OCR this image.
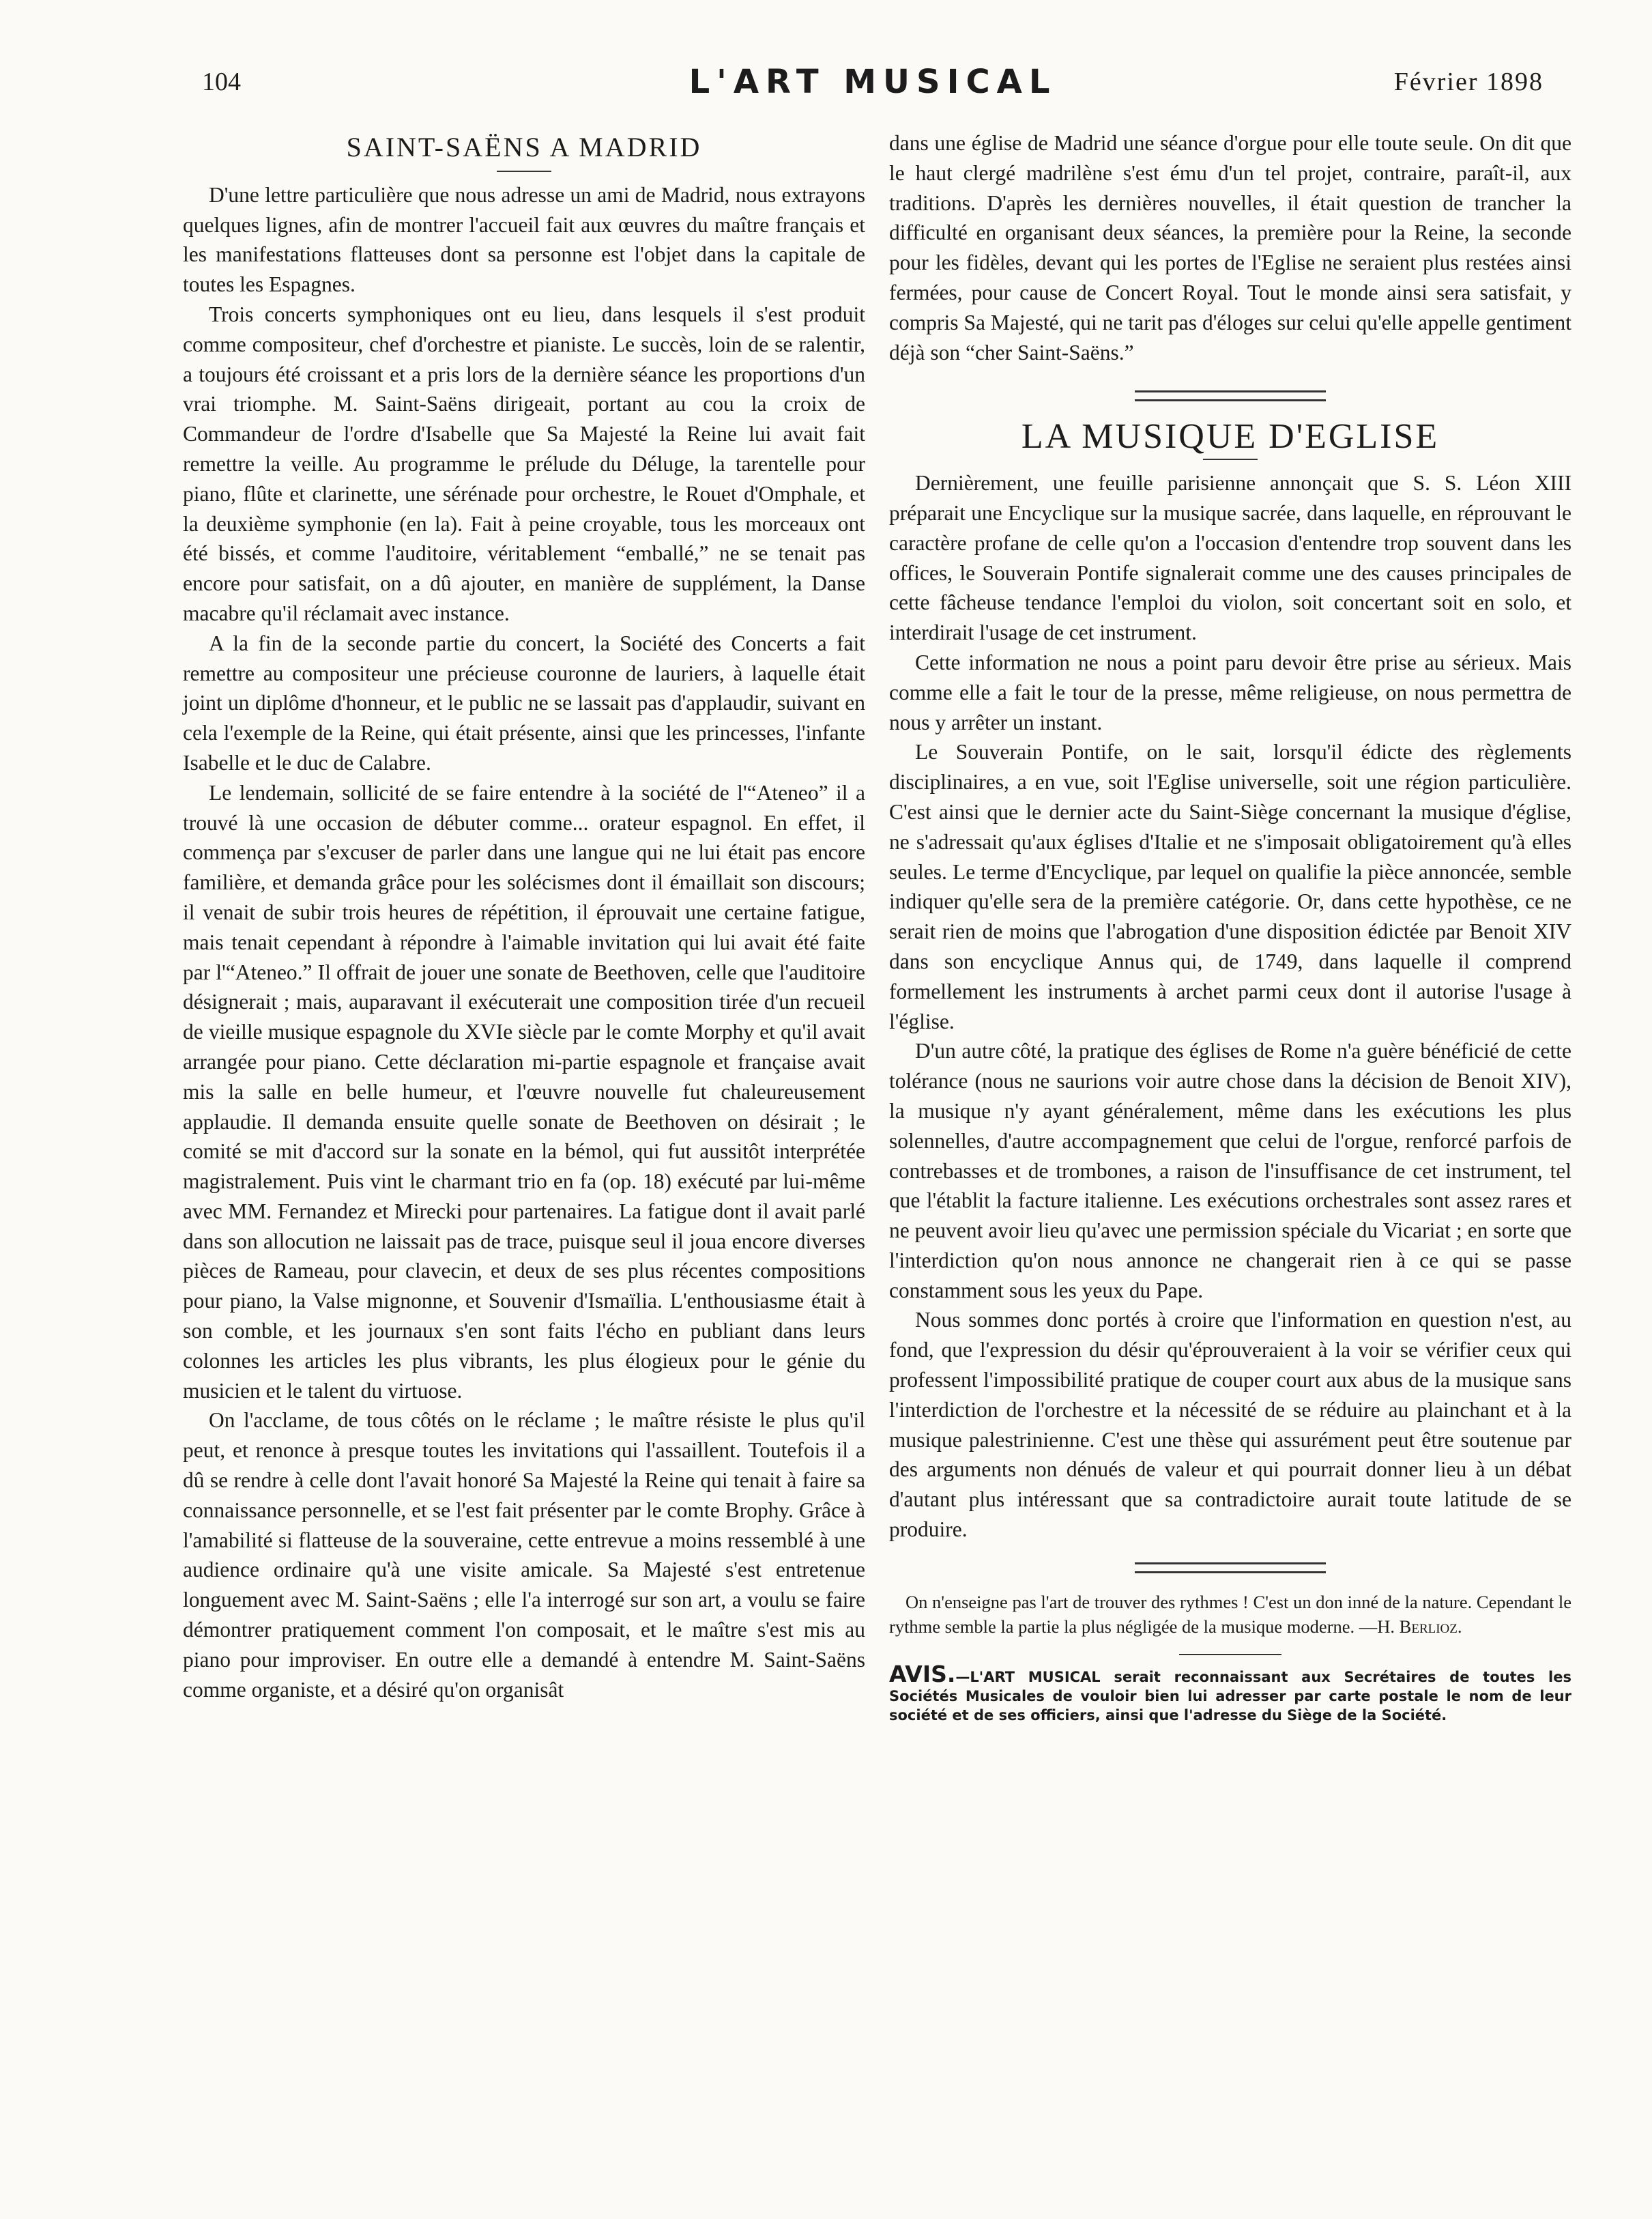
104	L'ART MUSICAL	Février 1898
SAINT-SAËNS A MADRID

D'une lettre particulière que nous adresse un ami de Madrid, nous extrayons quelques lignes, afin de montrer l'accueil fait aux œuvres du maître français et les manifestations flatteuses dont sa personne est l'objet dans la capitale de toutes les Espagnes.

Trois concerts symphoniques ont eu lieu, dans lesquels il s'est produit comme compositeur, chef d'orchestre et pianiste. Le succès, loin de se ralentir, a toujours été croissant et a pris lors de la dernière séance les proportions d'un vrai triomphe. M. Saint-Saëns dirigeait, portant au cou la croix de Commandeur de l'ordre d'Isabelle que Sa Majesté la Reine lui avait fait remettre la veille. Au programme le prélude du Déluge, la tarentelle pour piano, flûte et clarinette, une sérénade pour orchestre, le Rouet d'Omphale, et la deuxième symphonie (en la). Fait à peine croyable, tous les morceaux ont été bissés, et comme l'auditoire, véritablement “emballé,” ne se tenait pas encore pour satisfait, on a dû ajouter, en manière de supplément, la Danse macabre qu'il réclamait avec instance.

A la fin de la seconde partie du concert, la Société des Concerts a fait remettre au compositeur une précieuse couronne de lauriers, à laquelle était joint un diplôme d'honneur, et le public ne se lassait pas d'applaudir, suivant en cela l'exemple de la Reine, qui était présente, ainsi que les princesses, l'infante Isabelle et le duc de Calabre.

Le lendemain, sollicité de se faire entendre à la société de l'“Ateneo” il a trouvé là une occasion de débuter comme... orateur espagnol. En effet, il commença par s'excuser de parler dans une langue qui ne lui était pas encore familière, et demanda grâce pour les solécismes dont il émaillait son discours; il venait de subir trois heures de répétition, il éprouvait une certaine fatigue, mais tenait cependant à répondre à l'aimable invitation qui lui avait été faite par l'“Ateneo.” Il offrait de jouer une sonate de Beethoven, celle que l'auditoire désignerait ; mais, auparavant il exécuterait une composition tirée d'un recueil de vieille musique espagnole du XVIe siècle par le comte Morphy et qu'il avait arrangée pour piano. Cette déclaration mi-partie espagnole et française avait mis la salle en belle humeur, et l'œuvre nouvelle fut chaleureusement applaudie. Il demanda ensuite quelle sonate de Beethoven on désirait ; le comité se mit d'accord sur la sonate en la bémol, qui fut aussitôt interprétée magistralement. Puis vint le charmant trio en fa (op. 18) exécuté par lui-même avec MM. Fernandez et Mirecki pour partenaires. La fatigue dont il avait parlé dans son allocution ne laissait pas de trace, puisque seul il joua encore diverses pièces de Rameau, pour clavecin, et deux de ses plus récentes compositions pour piano, la Valse mignonne, et Souvenir d'Ismaïlia. L'enthousiasme était à son comble, et les journaux s'en sont faits l'écho en publiant dans leurs colonnes les articles les plus vibrants, les plus élogieux pour le génie du musicien et le talent du virtuose.

On l'acclame, de tous côtés on le réclame ; le maître résiste le plus qu'il peut, et renonce à presque toutes les invitations qui l'assaillent. Toutefois il a dû se rendre à celle dont l'avait honoré Sa Majesté la Reine qui tenait à faire sa connaissance personnelle, et se l'est fait présenter par le comte Brophy. Grâce à l'amabilité si flatteuse de la souveraine, cette entrevue a moins ressemblé à une audience ordinaire qu'à une visite amicale. Sa Majesté s'est entretenue longuement avec M. Saint-Saëns ; elle l'a interrogé sur son art, a voulu se faire démontrer pratiquement comment l'on composait, et le maître s'est mis au piano pour improviser. En outre elle a demandé à entendre M. Saint-Saëns comme organiste, et a désiré qu'on organisât

dans une église de Madrid une séance d'orgue pour elle toute seule. On dit que le haut clergé madrilène s'est ému d'un tel projet, contraire, paraît-il, aux traditions. D'après les dernières nouvelles, il était question de trancher la difficulté en organisant deux séances, la première pour la Reine, la seconde pour les fidèles, devant qui les portes de l'Eglise ne seraient plus restées ainsi fermées, pour cause de Concert Royal. Tout le monde ainsi sera satisfait, y compris Sa Majesté, qui ne tarit pas d'éloges sur celui qu'elle appelle gentiment déjà son “cher Saint-Saëns.”

LA MUSIQUE D'EGLISE

Dernièrement, une feuille parisienne annonçait que S. S. Léon XIII préparait une Encyclique sur la musique sacrée, dans laquelle, en réprouvant le caractère profane de celle qu'on a l'occasion d'entendre trop souvent dans les offices, le Souverain Pontife signalerait comme une des causes principales de cette fâcheuse tendance l'emploi du violon, soit concertant soit en solo, et interdirait l'usage de cet instrument.

Cette information ne nous a point paru devoir être prise au sérieux. Mais comme elle a fait le tour de la presse, même religieuse, on nous permettra de nous y arrêter un instant.

Le Souverain Pontife, on le sait, lorsqu'il édicte des règlements disciplinaires, a en vue, soit l'Eglise universelle, soit une région particulière. C'est ainsi que le dernier acte du Saint-Siège concernant la musique d'église, ne s'adressait qu'aux églises d'Italie et ne s'imposait obligatoirement qu'à elles seules. Le terme d'Encyclique, par lequel on qualifie la pièce annoncée, semble indiquer qu'elle sera de la première catégorie. Or, dans cette hypothèse, ce ne serait rien de moins que l'abrogation d'une disposition édictée par Benoit XIV dans son encyclique Annus qui, de 1749, dans laquelle il comprend formellement les instruments à archet parmi ceux dont il autorise l'usage à l'église.

D'un autre côté, la pratique des églises de Rome n'a guère bénéficié de cette tolérance (nous ne saurions voir autre chose dans la décision de Benoit XIV), la musique n'y ayant généralement, même dans les exécutions les plus solennelles, d'autre accompagnement que celui de l'orgue, renforcé parfois de contrebasses et de trombones, a raison de l'insuffisance de cet instrument, tel que l'établit la facture italienne. Les exécutions orchestrales sont assez rares et ne peuvent avoir lieu qu'avec une permission spéciale du Vicariat ; en sorte que l'interdiction qu'on nous annonce ne changerait rien à ce qui se passe constamment sous les yeux du Pape.

Nous sommes donc portés à croire que l'information en question n'est, au fond, que l'expression du désir qu'éprouveraient à la voir se vérifier ceux qui professent l'impossibilité pratique de couper court aux abus de la musique sans l'interdiction de l'orchestre et la nécessité de se réduire au plainchant et à la musique palestrinienne. C'est une thèse qui assurément peut être soutenue par des arguments non dénués de valeur et qui pourrait donner lieu à un débat d'autant plus intéressant que sa contradictoire aurait toute latitude de se produire.

On n'enseigne pas l'art de trouver des rythmes ! C'est un don inné de la nature. Cependant le rythme semble la partie la plus négligée de la musique moderne. —H. Berlioz.

AVIS.—L'ART MUSICAL serait reconnaissant aux Secrétaires de toutes les Sociétés Musicales de vouloir bien lui adresser par carte postale le nom de leur société et de ses officiers, ainsi que l'adresse du Siège de la Société.
